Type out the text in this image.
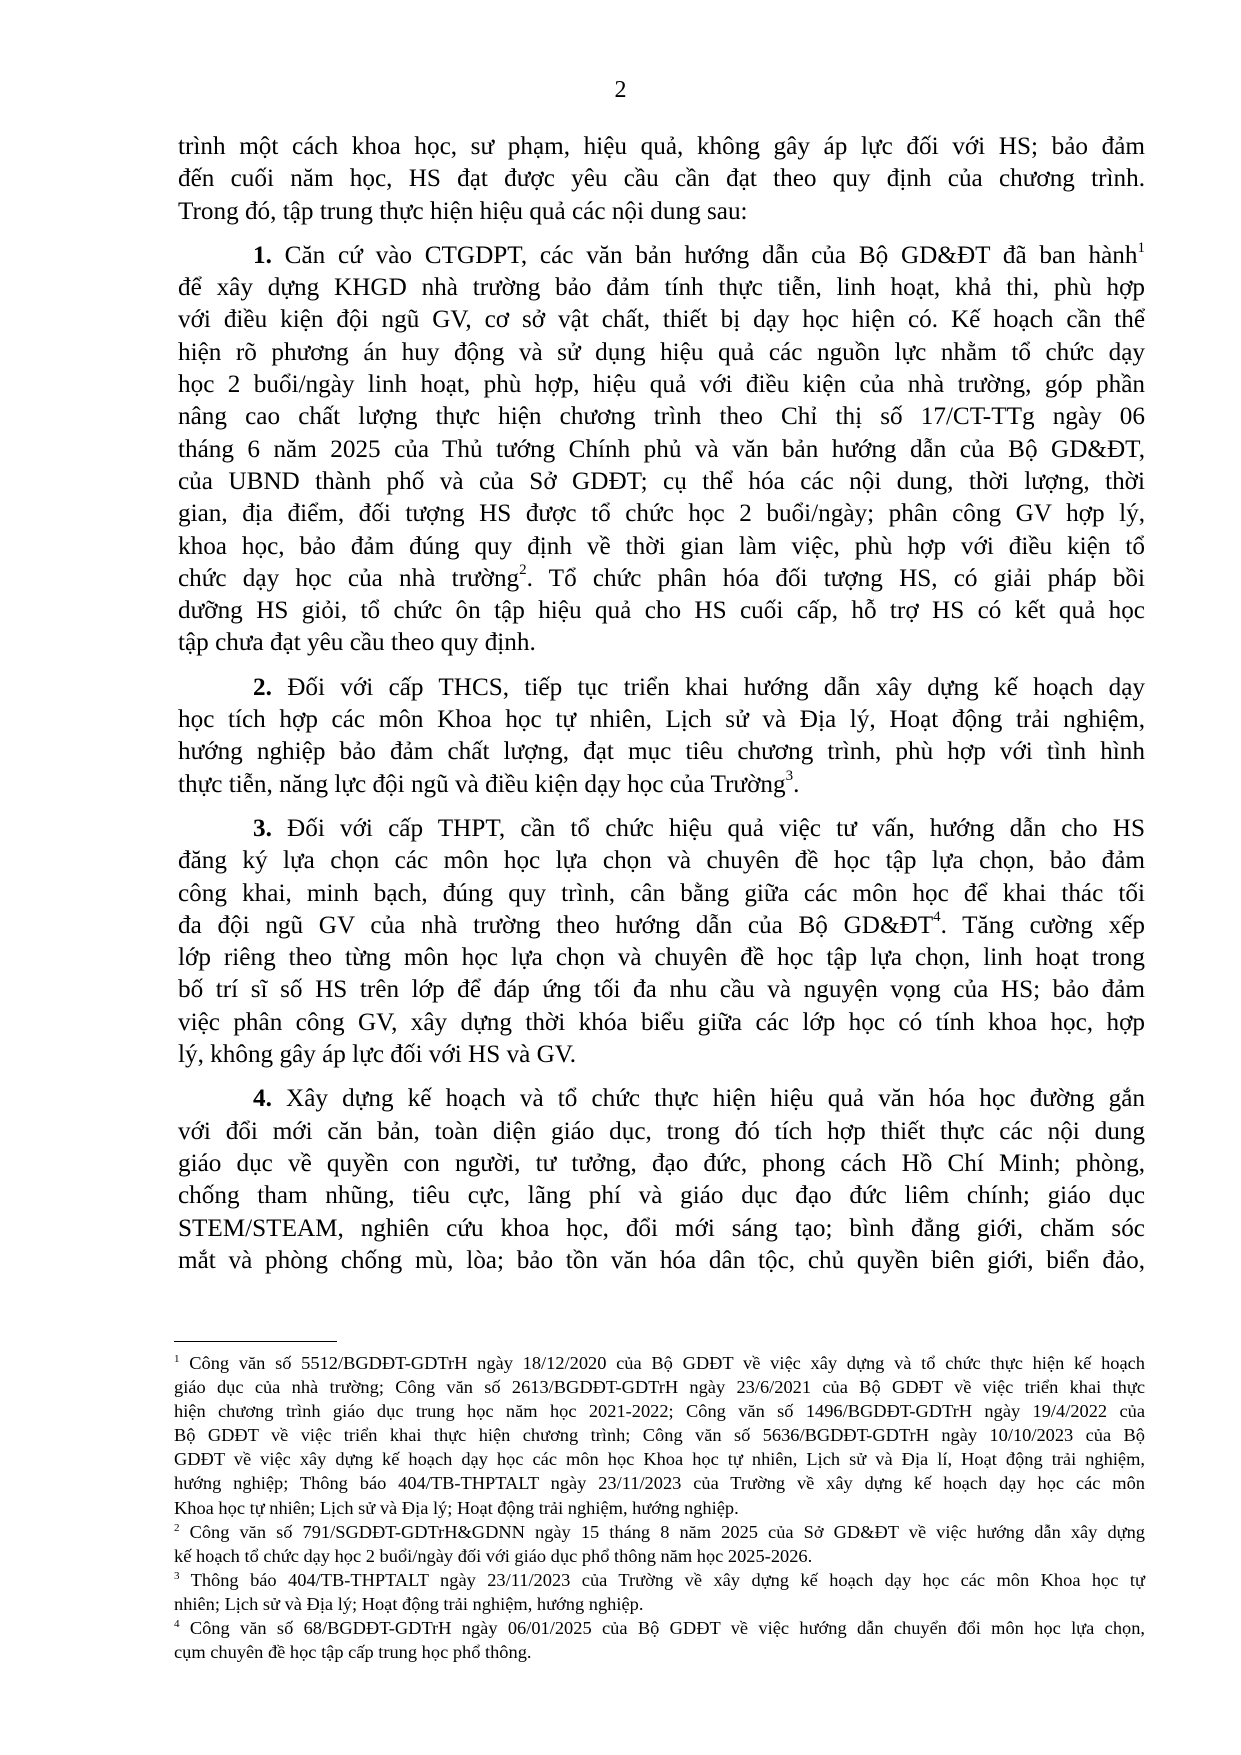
2
trình một cách khoa học, sư phạm, hiệu quả, không gây áp lực đối với HS; bảo đảm
đến cuối năm học, HS đạt được yêu cầu cần đạt theo quy định của chương trình.
Trong đó, tập trung thực hiện hiệu quả các nội dung sau:
1. Căn cứ vào CTGDPT, các văn bản hướng dẫn của Bộ GD&ĐT đã ban hành$^1$
để xây dựng KHGD nhà trường bảo đảm tính thực tiễn, linh hoạt, khả thi, phù hợp
với điều kiện đội ngũ GV, cơ sở vật chất, thiết bị dạy học hiện có. Kế hoạch cần thể
hiện rõ phương án huy động và sử dụng hiệu quả các nguồn lực nhằm tổ chức dạy
học 2 buổi/ngày linh hoạt, phù hợp, hiệu quả với điều kiện của nhà trường, góp phần
nâng cao chất lượng thực hiện chương trình theo Chỉ thị số 17/CT-TTg ngày 06
tháng 6 năm 2025 của Thủ tướng Chính phủ và văn bản hướng dẫn của Bộ GD&ĐT,
của UBND thành phố và của Sở GDĐT; cụ thể hóa các nội dung, thời lượng, thời
gian, địa điểm, đối tượng HS được tổ chức học 2 buổi/ngày; phân công GV hợp lý,
khoa học, bảo đảm đúng quy định về thời gian làm việc, phù hợp với điều kiện tổ
chức dạy học của nhà trường$^2$. Tổ chức phân hóa đối tượng HS, có giải pháp bồi
dưỡng HS giỏi, tổ chức ôn tập hiệu quả cho HS cuối cấp, hỗ trợ HS có kết quả học
tập chưa đạt yêu cầu theo quy định.
2. Đối với cấp THCS, tiếp tục triển khai hướng dẫn xây dựng kế hoạch dạy
học tích hợp các môn Khoa học tự nhiên, Lịch sử và Địa lý, Hoạt động trải nghiệm,
hướng nghiệp bảo đảm chất lượng, đạt mục tiêu chương trình, phù hợp với tình hình
thực tiễn, năng lực đội ngũ và điều kiện dạy học của Trường$^3$.
3. Đối với cấp THPT, cần tổ chức hiệu quả việc tư vấn, hướng dẫn cho HS
đăng ký lựa chọn các môn học lựa chọn và chuyên đề học tập lựa chọn, bảo đảm
công khai, minh bạch, đúng quy trình, cân bằng giữa các môn học để khai thác tối
đa đội ngũ GV của nhà trường theo hướng dẫn của Bộ $GD\&ĐT^4$. Tăng cường xếp
lớp riêng theo từng môn học lựa chọn và chuyên đề học tập lựa chọn, linh hoạt trong
bố trí sĩ số HS trên lớp để đáp ứng tối đa nhu cầu và nguyện vọng của HS; bảo đảm
việc phân công GV, xây dựng thời khóa biểu giữa các lớp học có tính khoa học, hợp
lý, không gây áp lực đối với HS và GV.
4. Xây dựng kế hoạch và tổ chức thực hiện hiệu quả văn hóa học đường gắn
với đổi mới căn bản, toàn diện giáo dục, trong đó tích hợp thiết thực các nội dung
giáo dục về quyền con người, tư tưởng, đạo đức, phong cách Hồ Chí Minh; phòng,
chống tham nhũng, tiêu cực, lãng phí và giáo dục đạo đức liêm chính; giáo dục
STEM/STEAM, nghiên cứu khoa học, đổi mới sáng tạo; bình đẳng giới, chăm sóc
mắt và phòng chống mù, lòa; bảo tồn văn hóa dân tộc, chủ quyền biên giới, biển đảo,
$^1$ Công văn số 5512/BGDĐT-GDTrH ngày 18/12/2020 của Bộ GDĐT về việc xây dựng và tổ chức thực hiện kế hoạch
giáo dục của nhà trường; Công văn số 2613/BGDĐT-GDTrH ngày 23/6/2021 của Bộ GDĐT về việc triển khai thực
hiện chương trình giáo dục trung học năm học 2021-2022; Công văn số 1496/BGDĐT-GDTrH ngày 19/4/2022 của
Bộ GDĐT về việc triển khai thực hiện chương trình; Công văn số 5636/BGDĐT-GDTrH ngày 10/10/2023 của Bộ
GDĐT về việc xây dựng kế hoạch dạy học các môn học Khoa học tự nhiên, Lịch sử và Địa lí, Hoạt động trải nghiệm,
hướng nghiệp; Thông báo 404/TB-THPTALT ngày 23/11/2023 của Trường về xây dựng kế hoạch dạy học các môn
Khoa học tự nhiên; Lịch sử và Địa lý; Hoạt động trải nghiệm, hướng nghiệp.
$^2$ Công văn số 791/SGDĐT-GDTrH&GDNN ngày 15 tháng 8 năm 2025 của Sở GD&ĐT về việc hướng dẫn xây dựng
kế hoạch tổ chức dạy học 2 buổi/ngày đối với giáo dục phổ thông năm học 2025-2026.
$^3$ Thông báo 404/TB-THPTALT ngày 23/11/2023 của Trường về xây dựng kế hoạch dạy học các môn Khoa học tự
nhiên; Lịch sử và Địa lý; Hoạt động trải nghiệm, hướng nghiệp.
$^4$ Công văn số 68/BGDĐT-GDTrH ngày 06/01/2025 của Bộ GDĐT về việc hướng dẫn chuyển đổi môn học lựa chọn,
cụm chuyên đề học tập cấp trung học phổ thông.
